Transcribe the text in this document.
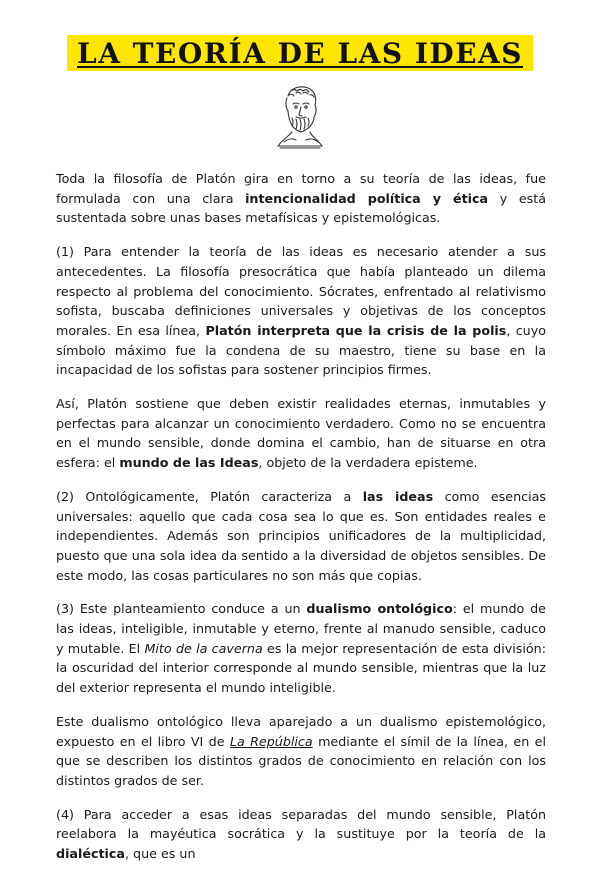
LA TEORÍA DE LAS IDEAS

Toda la filosofía de Platón gira en torno a su teoría de las ideas, fue formulada con una clara intencionalidad política y ética y está sustentada sobre unas bases metafísicas y epistemológicas.

(1) Para entender la teoría de las ideas es necesario atender a sus antecedentes. La filosofía presocrática que había planteado un dilema respecto al problema del conocimiento. Sócrates, enfrentado al relativismo sofista, buscaba definiciones universales y objetivas de los conceptos morales. En esa línea, Platón interpreta que la crisis de la polis, cuyo símbolo máximo fue la condena de su maestro, tiene su base en la incapacidad de los sofistas para sostener principios firmes.

Así, Platón sostiene que deben existir realidades eternas, inmutables y perfectas para alcanzar un conocimiento verdadero. Como no se encuentra en el mundo sensible, donde domina el cambio, han de situarse en otra esfera: el mundo de las Ideas, objeto de la verdadera episteme.

(2) Ontológicamente, Platón caracteriza a las ideas como esencias universales: aquello que cada cosa sea lo que es. Son entidades reales e independientes. Además son principios unificadores de la multiplicidad, puesto que una sola idea da sentido a la diversidad de objetos sensibles. De este modo, las cosas particulares no son más que copias.

(3) Este planteamiento conduce a un dualismo ontológico: el mundo de las ideas, inteligible, inmutable y eterno, frente al manudo sensible, caduco y mutable. El Mito de la caverna es la mejor representación de esta división: la oscuridad del interior corresponde al mundo sensible, mientras que la luz del exterior representa el mundo inteligible.

Este dualismo ontológico lleva aparejado a un dualismo epistemológico, expuesto en el libro VI de La República mediante el símil de la línea, en el que se describen los distintos grados de conocimiento en relación con los distintos grados de ser.

(4) Para acceder a esas ideas separadas del mundo sensible, Platón reelabora la mayéutica socrática y la sustituye por la teoría de la dialéctica, que es un
